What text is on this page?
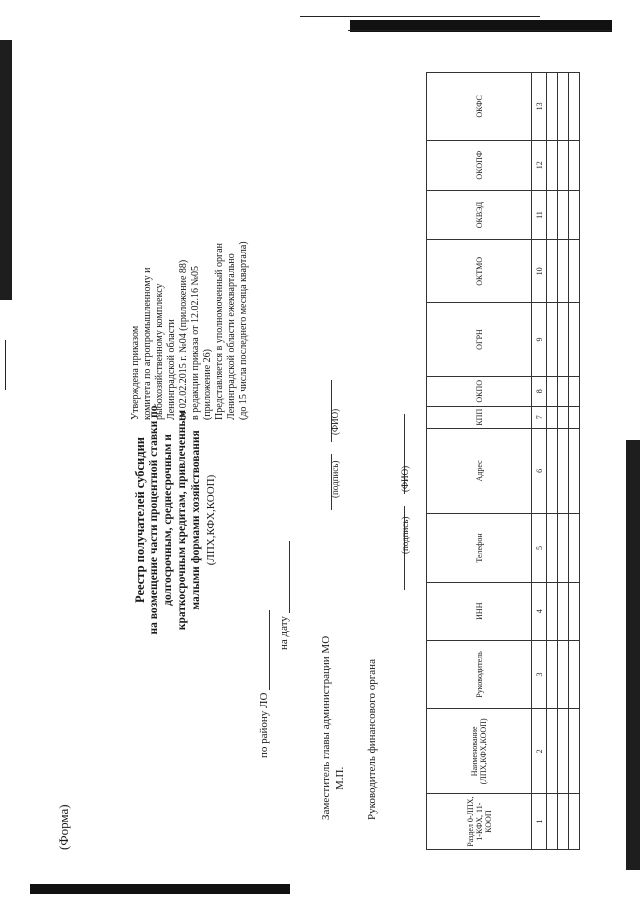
(Форма)

Утверждена приказом комитета по агропромышленному и рыбохозяйственному комплексу Ленинградской области от 02.02.2015 г. №04 (приложение 88) в редакции приказа от 12.02.16 №05 (приложение 26) Представляется в уполномоченный орган Ленинградской области ежеквартально (до 15 числа последнего месяца квартала)

Реестр получателей субсидии на возмещение части процентной ставки по долгосрочным, среднесрочным и краткосрочным кредитам, привлеченным малыми формами хозяйствования (ЛПХ,КФХ,КООП)
по району ЛО
на дату
Заместитель главы администрации МО М.П.

(подпись)
(ФИО)
Руководитель финансового органа

(подпись)
(ФИО)
Раздел 0-ЛПХ, 1-КФХ, 11-КООП	Наименование (ЛПХ,КФХ,КООП)	Руководитель	ИНН	Телефон	Адрес	КПП	ОКПО	ОГРН	ОКТМО	ОКВЭД	ОКОПФ	ОКФС
1	2	3	4	5	6	7	8	9	10	11	12	13
